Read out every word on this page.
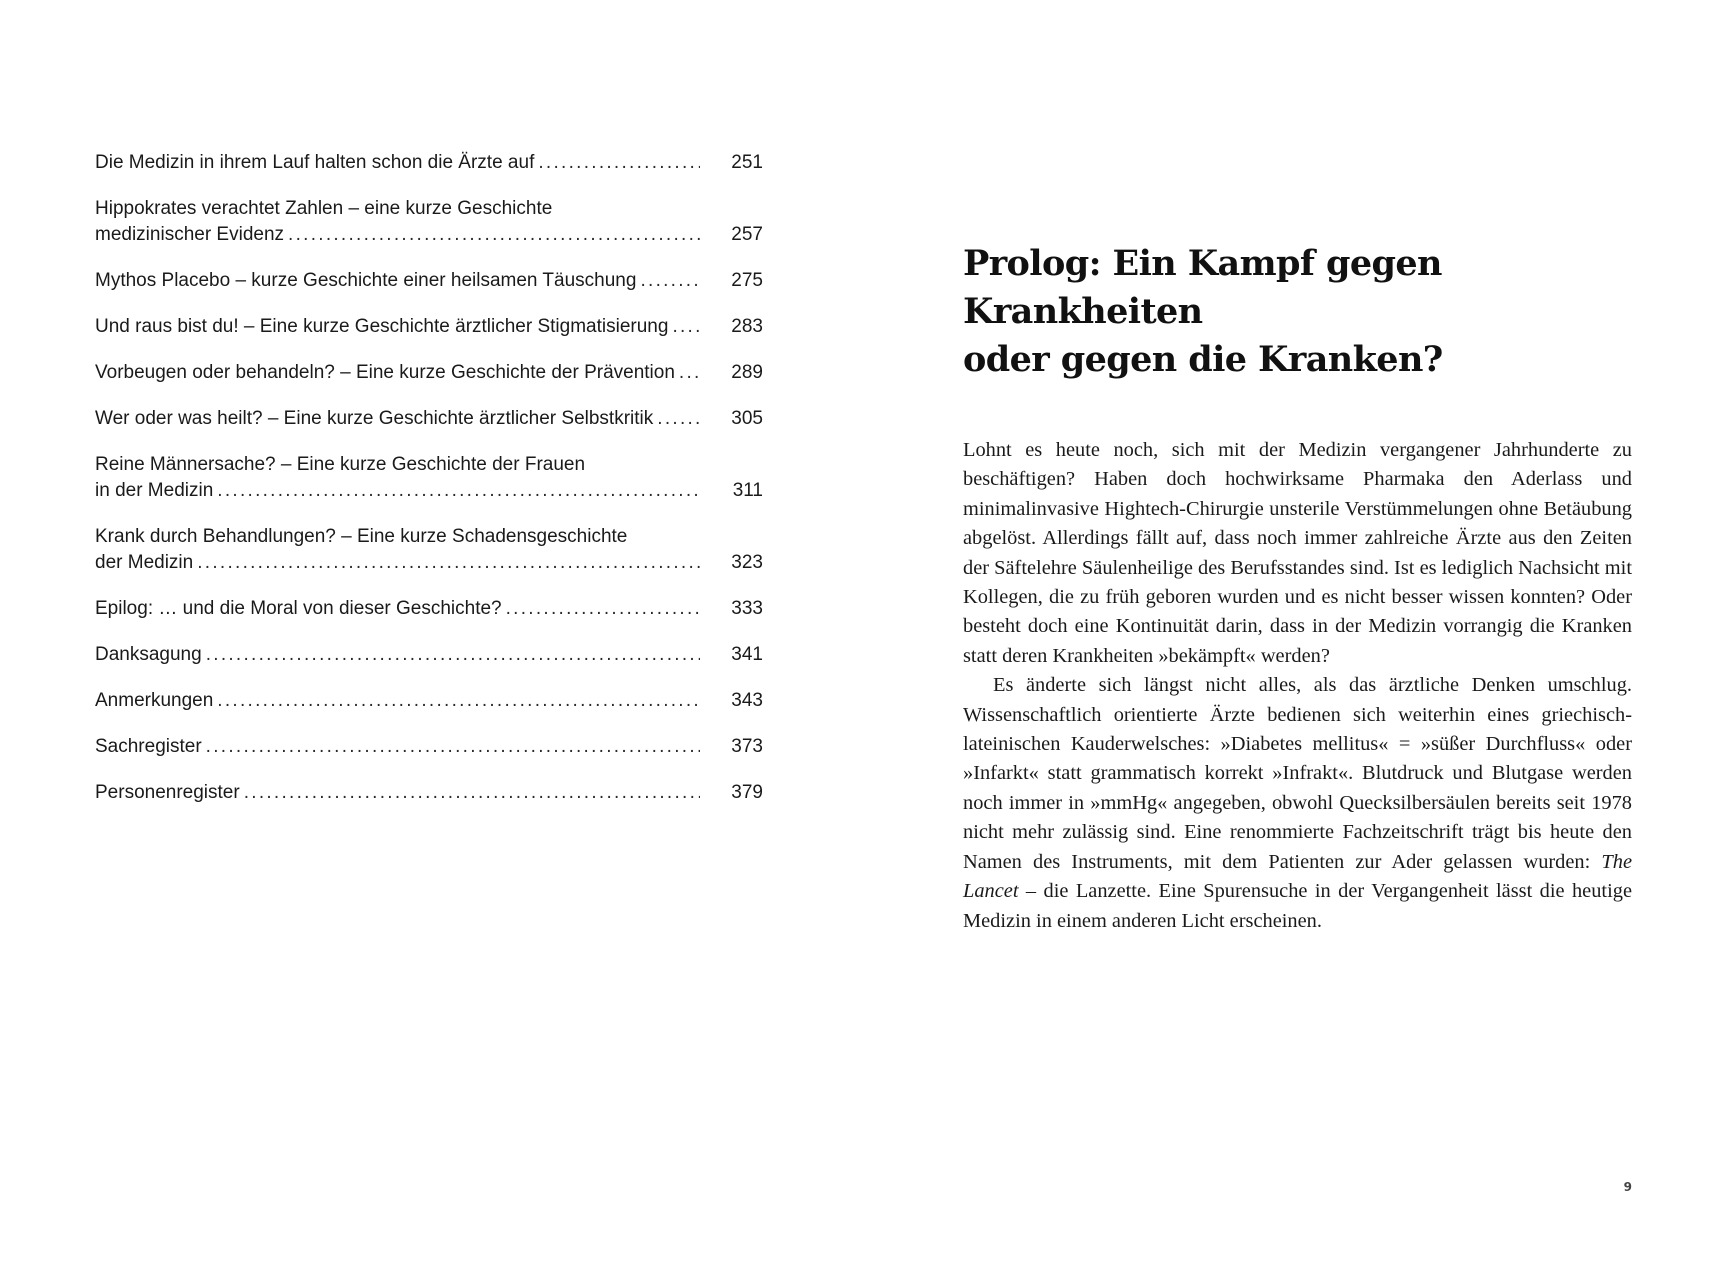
Die Medizin in ihrem Lauf halten schon die Ärzte auf . . .	251
Hippokrates verachtet Zahlen – eine kurze Geschichte
medizinischer Evidenz . . .	257
Mythos Placebo – kurze Geschichte einer heilsamen Täuschung . . .	275
Und raus bist du! – Eine kurze Geschichte ärztlicher Stigmatisierung . . .	283
Vorbeugen oder behandeln? – Eine kurze Geschichte der Prävention . . .	289
Wer oder was heilt? – Eine kurze Geschichte ärztlicher Selbstkritik . . .	305
Reine Männersache? – Eine kurze Geschichte der Frauen
in der Medizin . . .	311
Krank durch Behandlungen? – Eine kurze Schadensgeschichte
der Medizin . . .	323
Epilog: … und die Moral von dieser Geschichte? . . .	333
Danksagung . . .	341
Anmerkungen . . .	343
Sachregister . . .	373
Personenregister . . .	379
Prolog: Ein Kampf gegen Krankheiten
oder gegen die Kranken?

Lohnt es heute noch, sich mit der Medizin vergangener Jahrhunderte zu beschäftigen? Haben doch hochwirksame Pharmaka den Aderlass und minimalinvasive Hightech-Chirurgie unsterile Verstümmelungen ohne Betäubung abgelöst. Allerdings fällt auf, dass noch immer zahlreiche Ärzte aus den Zeiten der Säftelehre Säulenheilige des Berufsstandes sind. Ist es lediglich Nachsicht mit Kollegen, die zu früh geboren wurden und es nicht besser wissen konnten? Oder besteht doch eine Kontinuität darin, dass in der Medizin vorrangig die Kranken statt deren Krankheiten »bekämpft« werden?

Es änderte sich längst nicht alles, als das ärztliche Denken umschlug. Wissenschaftlich orientierte Ärzte bedienen sich weiterhin eines griechisch-lateinischen Kauderwelsches: »Diabetes mellitus« = »süßer Durchfluss« oder »Infarkt« statt grammatisch korrekt »Infrakt«. Blutdruck und Blutgase werden noch immer in »mmHg« angegeben, obwohl Quecksilbersäulen bereits seit 1978 nicht mehr zulässig sind. Eine renommierte Fachzeitschrift trägt bis heute den Namen des Instruments, mit dem Patienten zur Ader gelassen wurden: The Lancet – die Lanzette. Eine Spurensuche in der Vergangenheit lässt die heutige Medizin in einem anderen Licht erscheinen.

9
